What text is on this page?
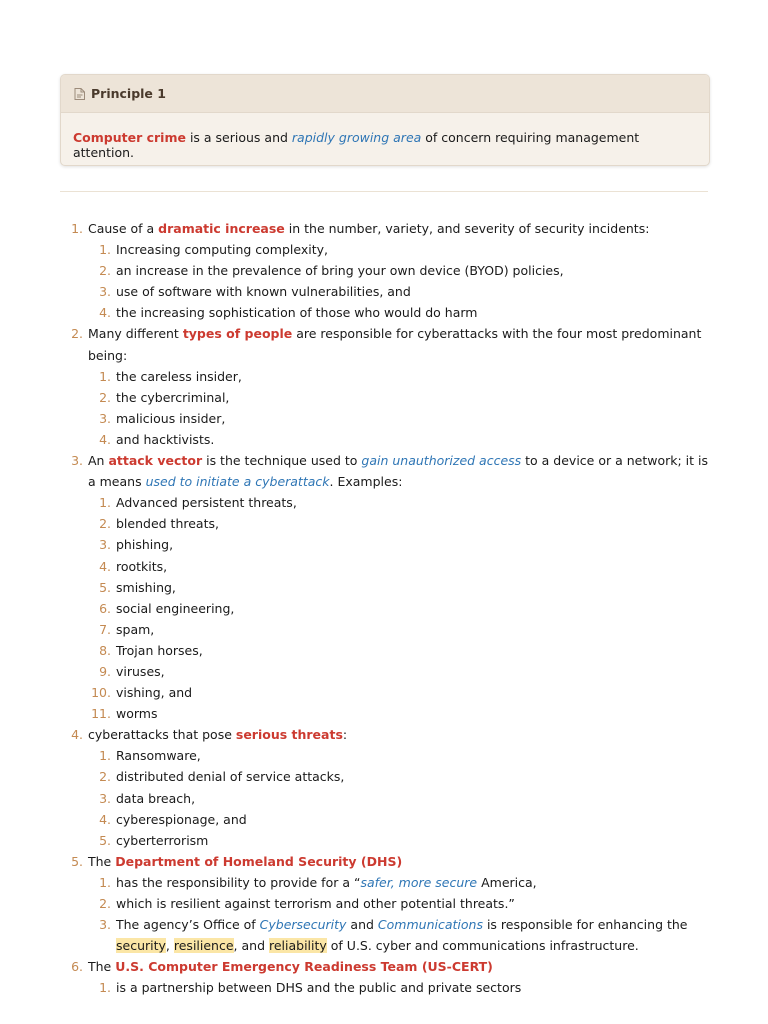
Principle 1
Computer crime is a serious and rapidly growing area of concern requiring management attention.
1. Cause of a dramatic increase in the number, variety, and severity of security incidents:
1. Increasing computing complexity,
2. an increase in the prevalence of bring your own device (BYOD) policies,
3. use of software with known vulnerabilities, and
4. the increasing sophistication of those who would do harm
2. Many different types of people are responsible for cyberattacks with the four most predominant being:
1. the careless insider,
2. the cybercriminal,
3. malicious insider,
4. and hacktivists.
3. An attack vector is the technique used to gain unauthorized access to a device or a network; it is a means used to initiate a cyberattack. Examples:
1. Advanced persistent threats,
2. blended threats,
3. phishing,
4. rootkits,
5. smishing,
6. social engineering,
7. spam,
8. Trojan horses,
9. viruses,
10. vishing, and
11. worms
4. cyberattacks that pose serious threats:
1. Ransomware,
2. distributed denial of service attacks,
3. data breach,
4. cyberespionage, and
5. cyberterrorism
5. The Department of Homeland Security (DHS)
1. has the responsibility to provide for a “safer, more secure America,
2. which is resilient against terrorism and other potential threats.”
3. The agency’s Office of Cybersecurity and Communications is responsible for enhancing the security, resilience, and reliability of U.S. cyber and communications infrastructure.
6. The U.S. Computer Emergency Readiness Team (US-CERT)
1. is a partnership between DHS and the public and private sectors
